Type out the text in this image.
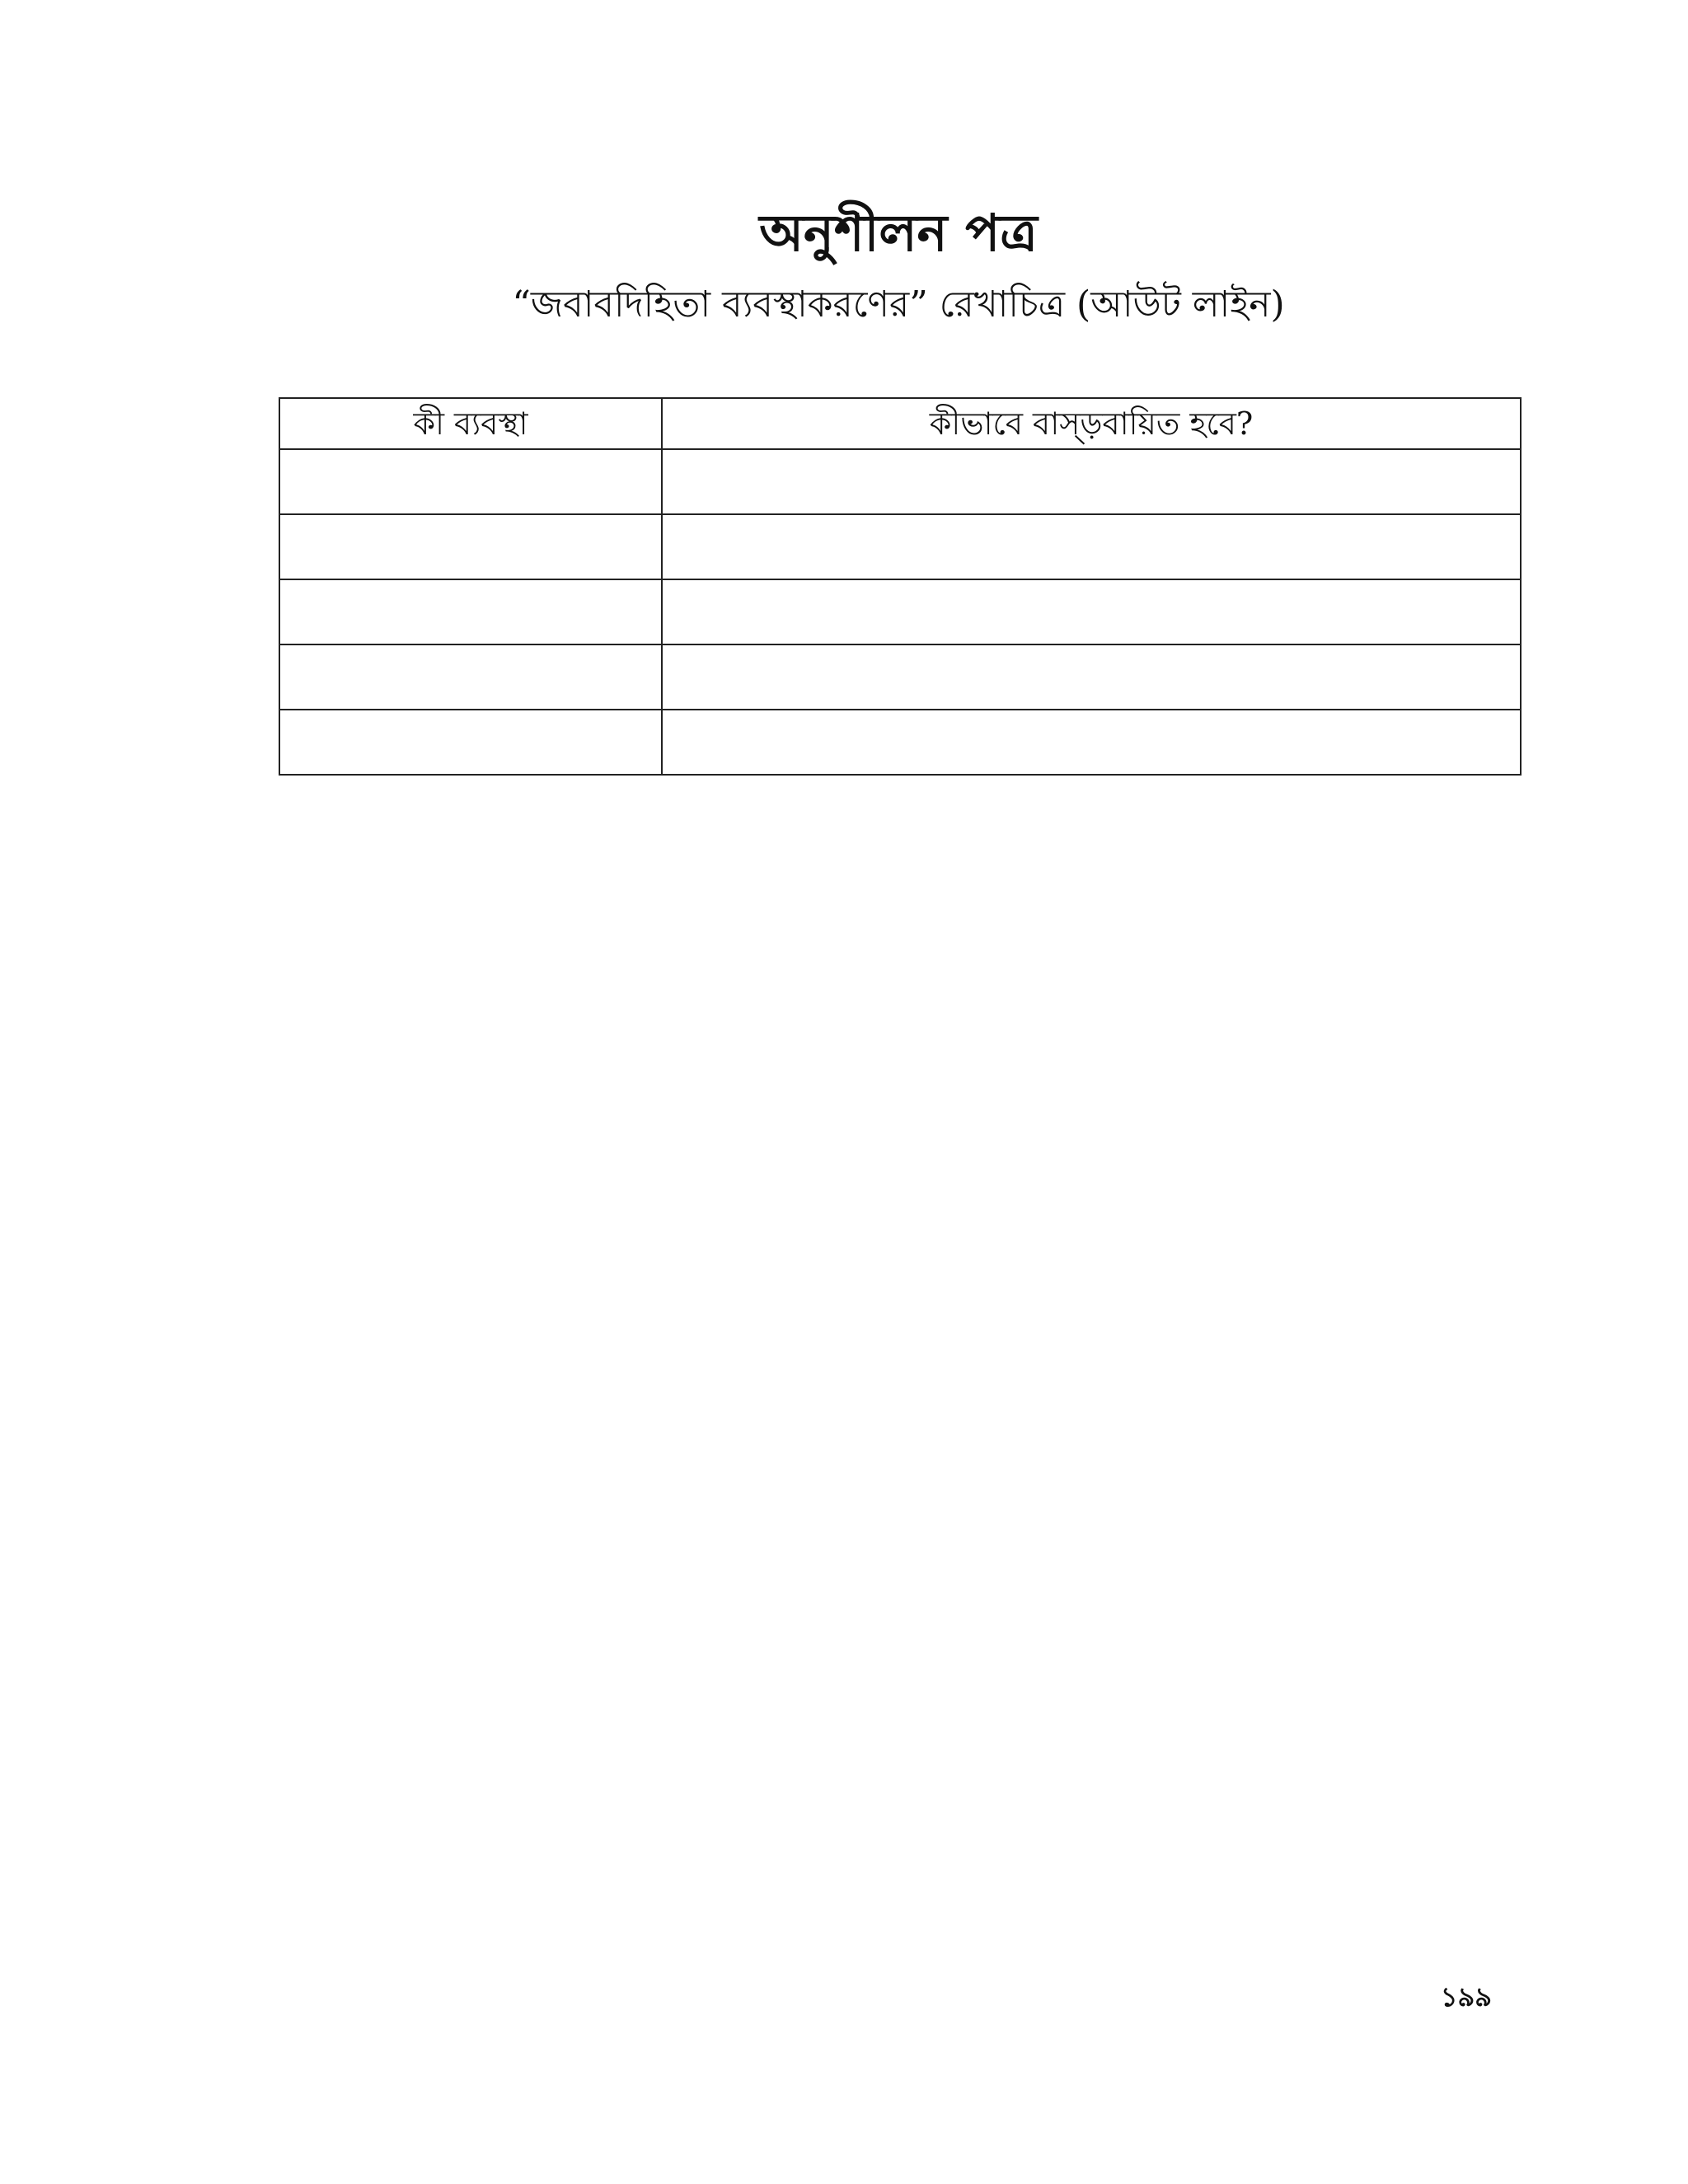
অনুশীলন পত্র
“জবাবদিহিতা ব্যবস্থাকরণের” রেখাচিত্র (আউট লাইন)
কী ব্যবস্থা	কীভাবে বাস্ড়বায়িত হবে?

১৯৯
